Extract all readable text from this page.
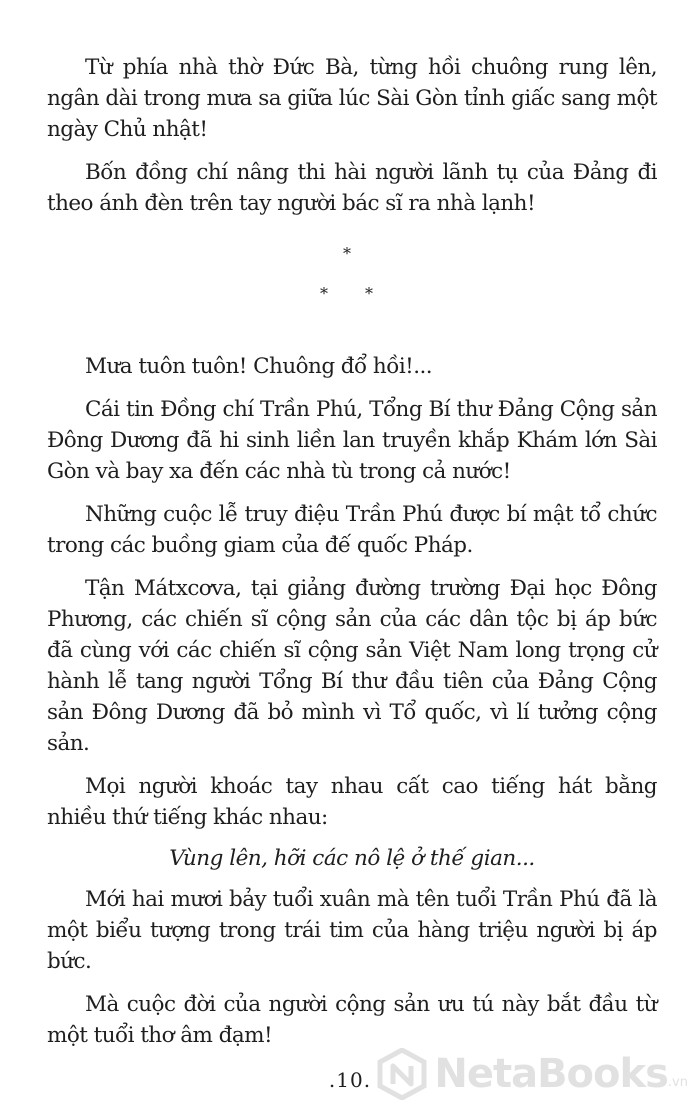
Từ phía nhà thờ Đức Bà, từng hồi chuông rung lên, ngân dài trong mưa sa giữa lúc Sài Gòn tỉnh giấc sang một ngày Chủ nhật!

Bốn đồng chí nâng thi hài người lãnh tụ của Đảng đi theo ánh đèn trên tay người bác sĩ ra nhà lạnh!

*
* *

Mưa tuôn tuôn! Chuông đổ hồi!...

Cái tin Đồng chí Trần Phú, Tổng Bí thư Đảng Cộng sản Đông Dương đã hi sinh liền lan truyền khắp Khám lớn Sài Gòn và bay xa đến các nhà tù trong cả nước!

Những cuộc lễ truy điệu Trần Phú được bí mật tổ chức trong các buồng giam của đế quốc Pháp.

Tận Mátxcơva, tại giảng đường trường Đại học Đông Phương, các chiến sĩ cộng sản của các dân tộc bị áp bức đã cùng với các chiến sĩ cộng sản Việt Nam long trọng cử hành lễ tang người Tổng Bí thư đầu tiên của Đảng Cộng sản Đông Dương đã bỏ mình vì Tổ quốc, vì lí tưởng cộng sản.

Mọi người khoác tay nhau cất cao tiếng hát bằng nhiều thứ tiếng khác nhau:

Vùng lên, hỡi các nô lệ ở thế gian...

Mới hai mươi bảy tuổi xuân mà tên tuổi Trần Phú đã là một biểu tượng trong trái tim của hàng triệu người bị áp bức.

Mà cuộc đời của người cộng sản ưu tú này bắt đầu từ một tuổi thơ âm đạm!

.10.	NetaBooks .vn
